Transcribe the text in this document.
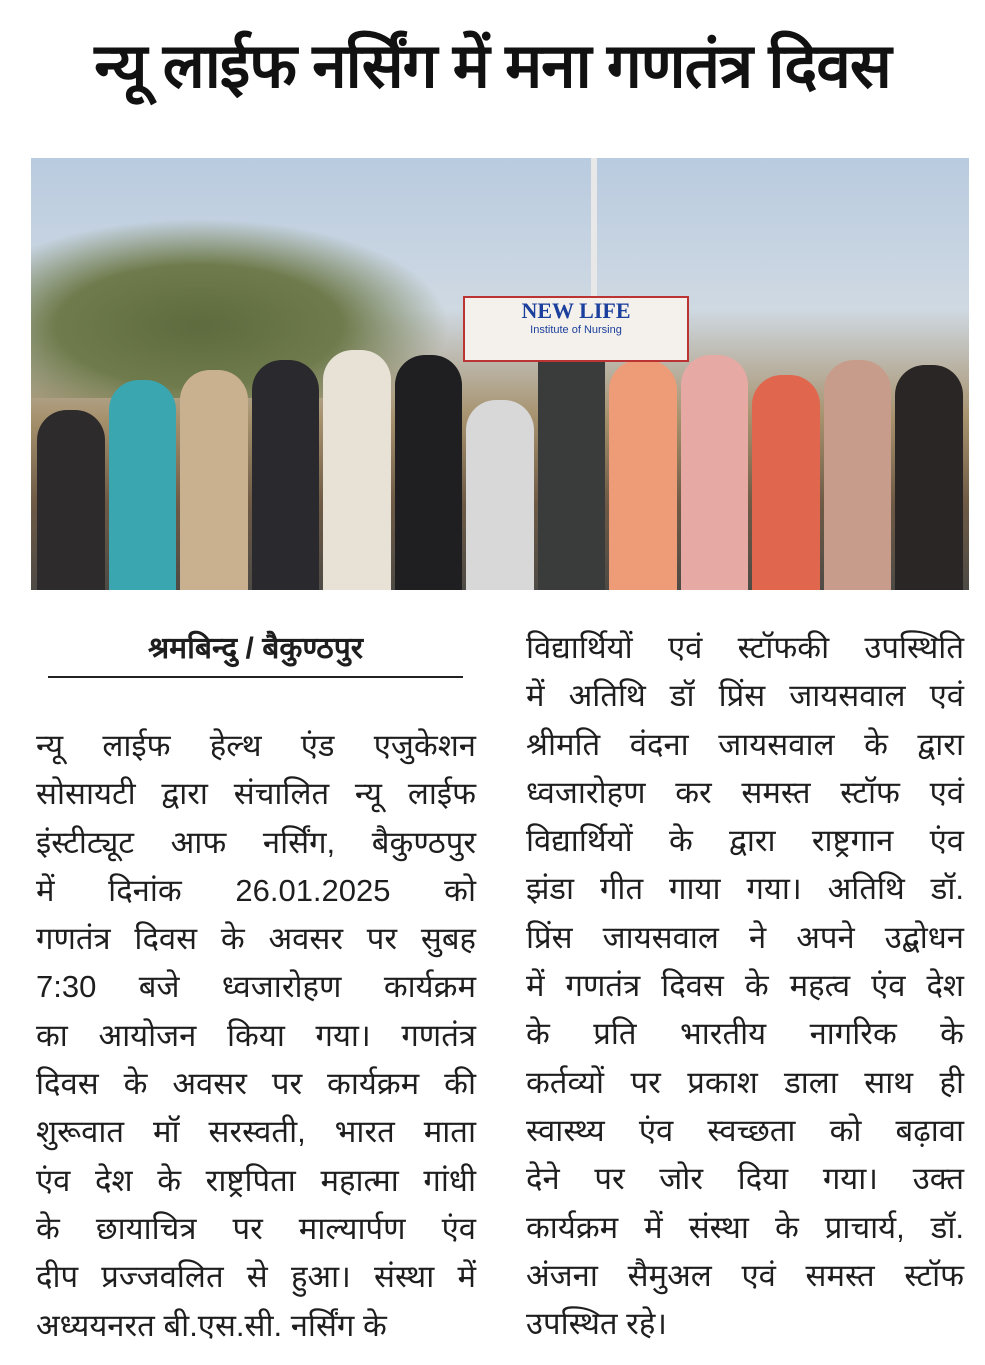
न्यू लाईफ नर्सिंग में मना गणतंत्र दिवस
NEW LIFE
Institute of Nursing
श्रमबिन्दु / बैकुण्ठपुर
न्यू लाईफ हेल्थ एंड एजुकेशन
सोसायटी द्वारा संचालित न्यू लाईफ
इंस्टीट्यूट आफ नर्सिंग, बैकुण्ठपुर
में दिनांक 26.01.2025 को
गणतंत्र दिवस के अवसर पर सुबह
7:30 बजे ध्वजारोहण कार्यक्रम
का आयोजन किया गया। गणतंत्र
दिवस के अवसर पर कार्यक्रम की
शुरूवात मॉ सरस्वती, भारत माता
एंव देश के राष्ट्रपिता महात्मा गांधी
के छायाचित्र पर माल्यार्पण एंव
दीप प्रज्जवलित से हुआ। संस्था में
अध्ययनरत बी.एस.सी. नर्सिंग के
विद्यार्थियों एवं स्टॉफकी उपस्थिति
में अतिथि डॉ प्रिंस जायसवाल एवं
श्रीमति वंदना जायसवाल के द्वारा
ध्वजारोहण कर समस्त स्टॉफ एवं
विद्यार्थियों के द्वारा राष्ट्रगान एंव
झंडा गीत गाया गया। अतिथि डॉ.
प्रिंस जायसवाल ने अपने उद्बोधन
में गणतंत्र दिवस के महत्व एंव देश
के प्रति भारतीय नागरिक के
कर्तव्यों पर प्रकाश डाला साथ ही
स्वास्थ्य एंव स्वच्छता को बढ़ावा
देने पर जोर दिया गया। उक्त
कार्यक्रम में संस्था के प्राचार्य, डॉ.
अंजना सैमुअल एवं समस्त स्टॉफ
उपस्थित रहे।
